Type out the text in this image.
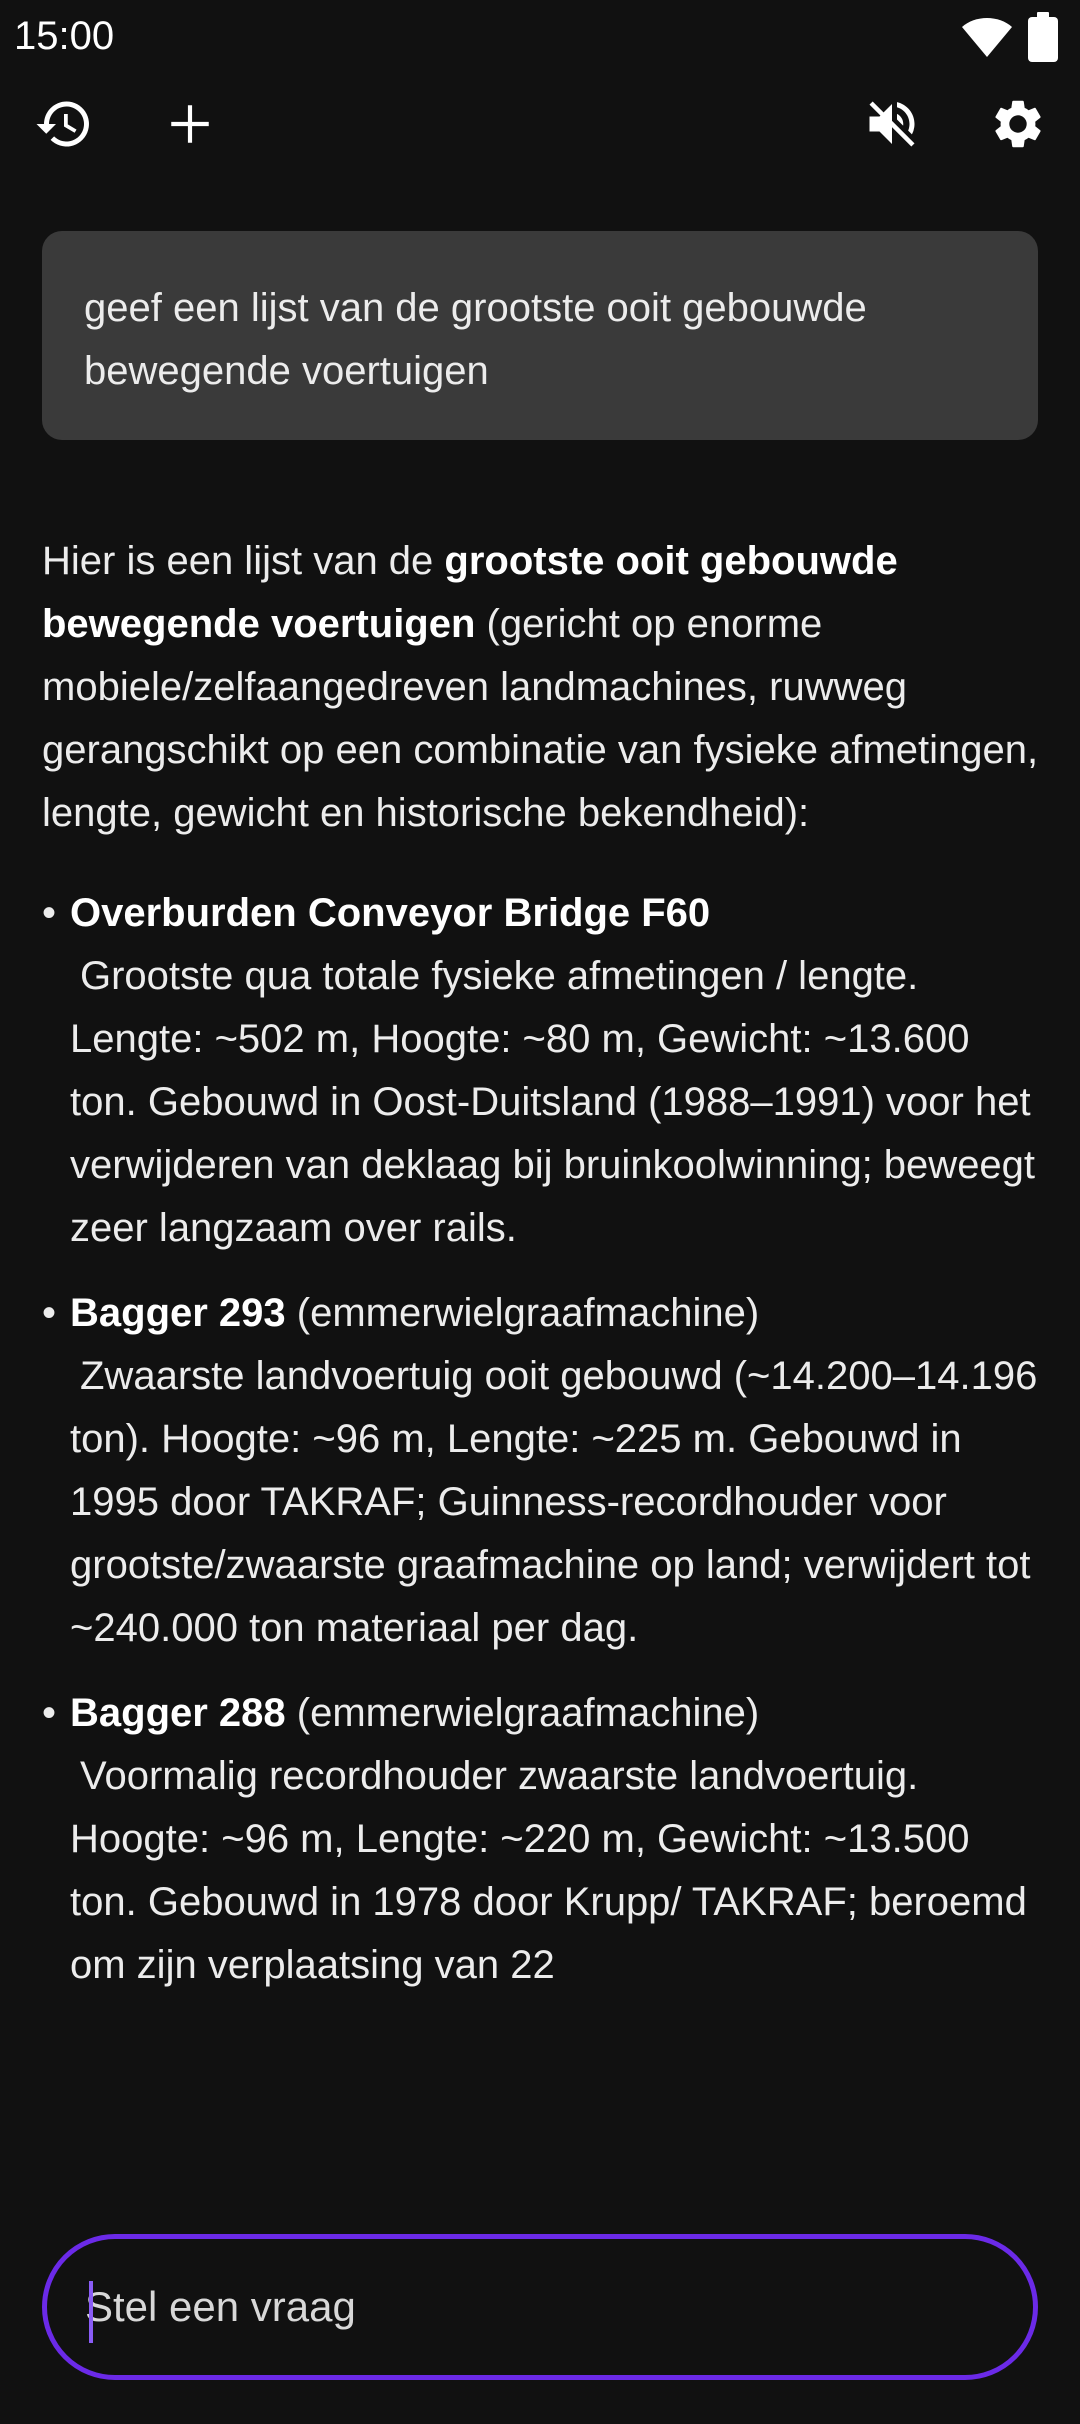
15:00
geef een lijst van de grootste ooit gebouwde bewegende voertuigen

Hier is een lijst van de grootste ooit gebouwde bewegende voertuigen (gericht op enorme mobiele/zelfaangedreven landmachines, ruwweg gerangschikt op een combinatie van fysieke afmetingen, lengte, gewicht en historische bekendheid):

• Overburden Conveyor Bridge F60
Grootste qua totale fysieke afmetingen / lengte. Lengte: ~502 m, Hoogte: ~80 m, Gewicht: ~13.600 ton. Gebouwd in Oost-Duitsland (1988–1991) voor het verwijderen van deklaag bij bruinkoolwinning; beweegt zeer langzaam over rails.
• Bagger 293 (emmerwielgraafmachine)
Zwaarste landvoertuig ooit gebouwd (~14.200–14.196 ton). Hoogte: ~96 m, Lengte: ~225 m. Gebouwd in 1995 door TAKRAF; Guinness-recordhouder voor grootste/zwaarste graafmachine op land; verwijdert tot ~240.000 ton materiaal per dag.
• Bagger 288 (emmerwielgraafmachine)
Voormalig recordhouder zwaarste landvoertuig. Hoogte: ~96 m, Lengte: ~220 m, Gewicht: ~13.500 ton. Gebouwd in 1978 door Krupp/ TAKRAF; beroemd om zijn verplaatsing van 22
Stel een vraag
